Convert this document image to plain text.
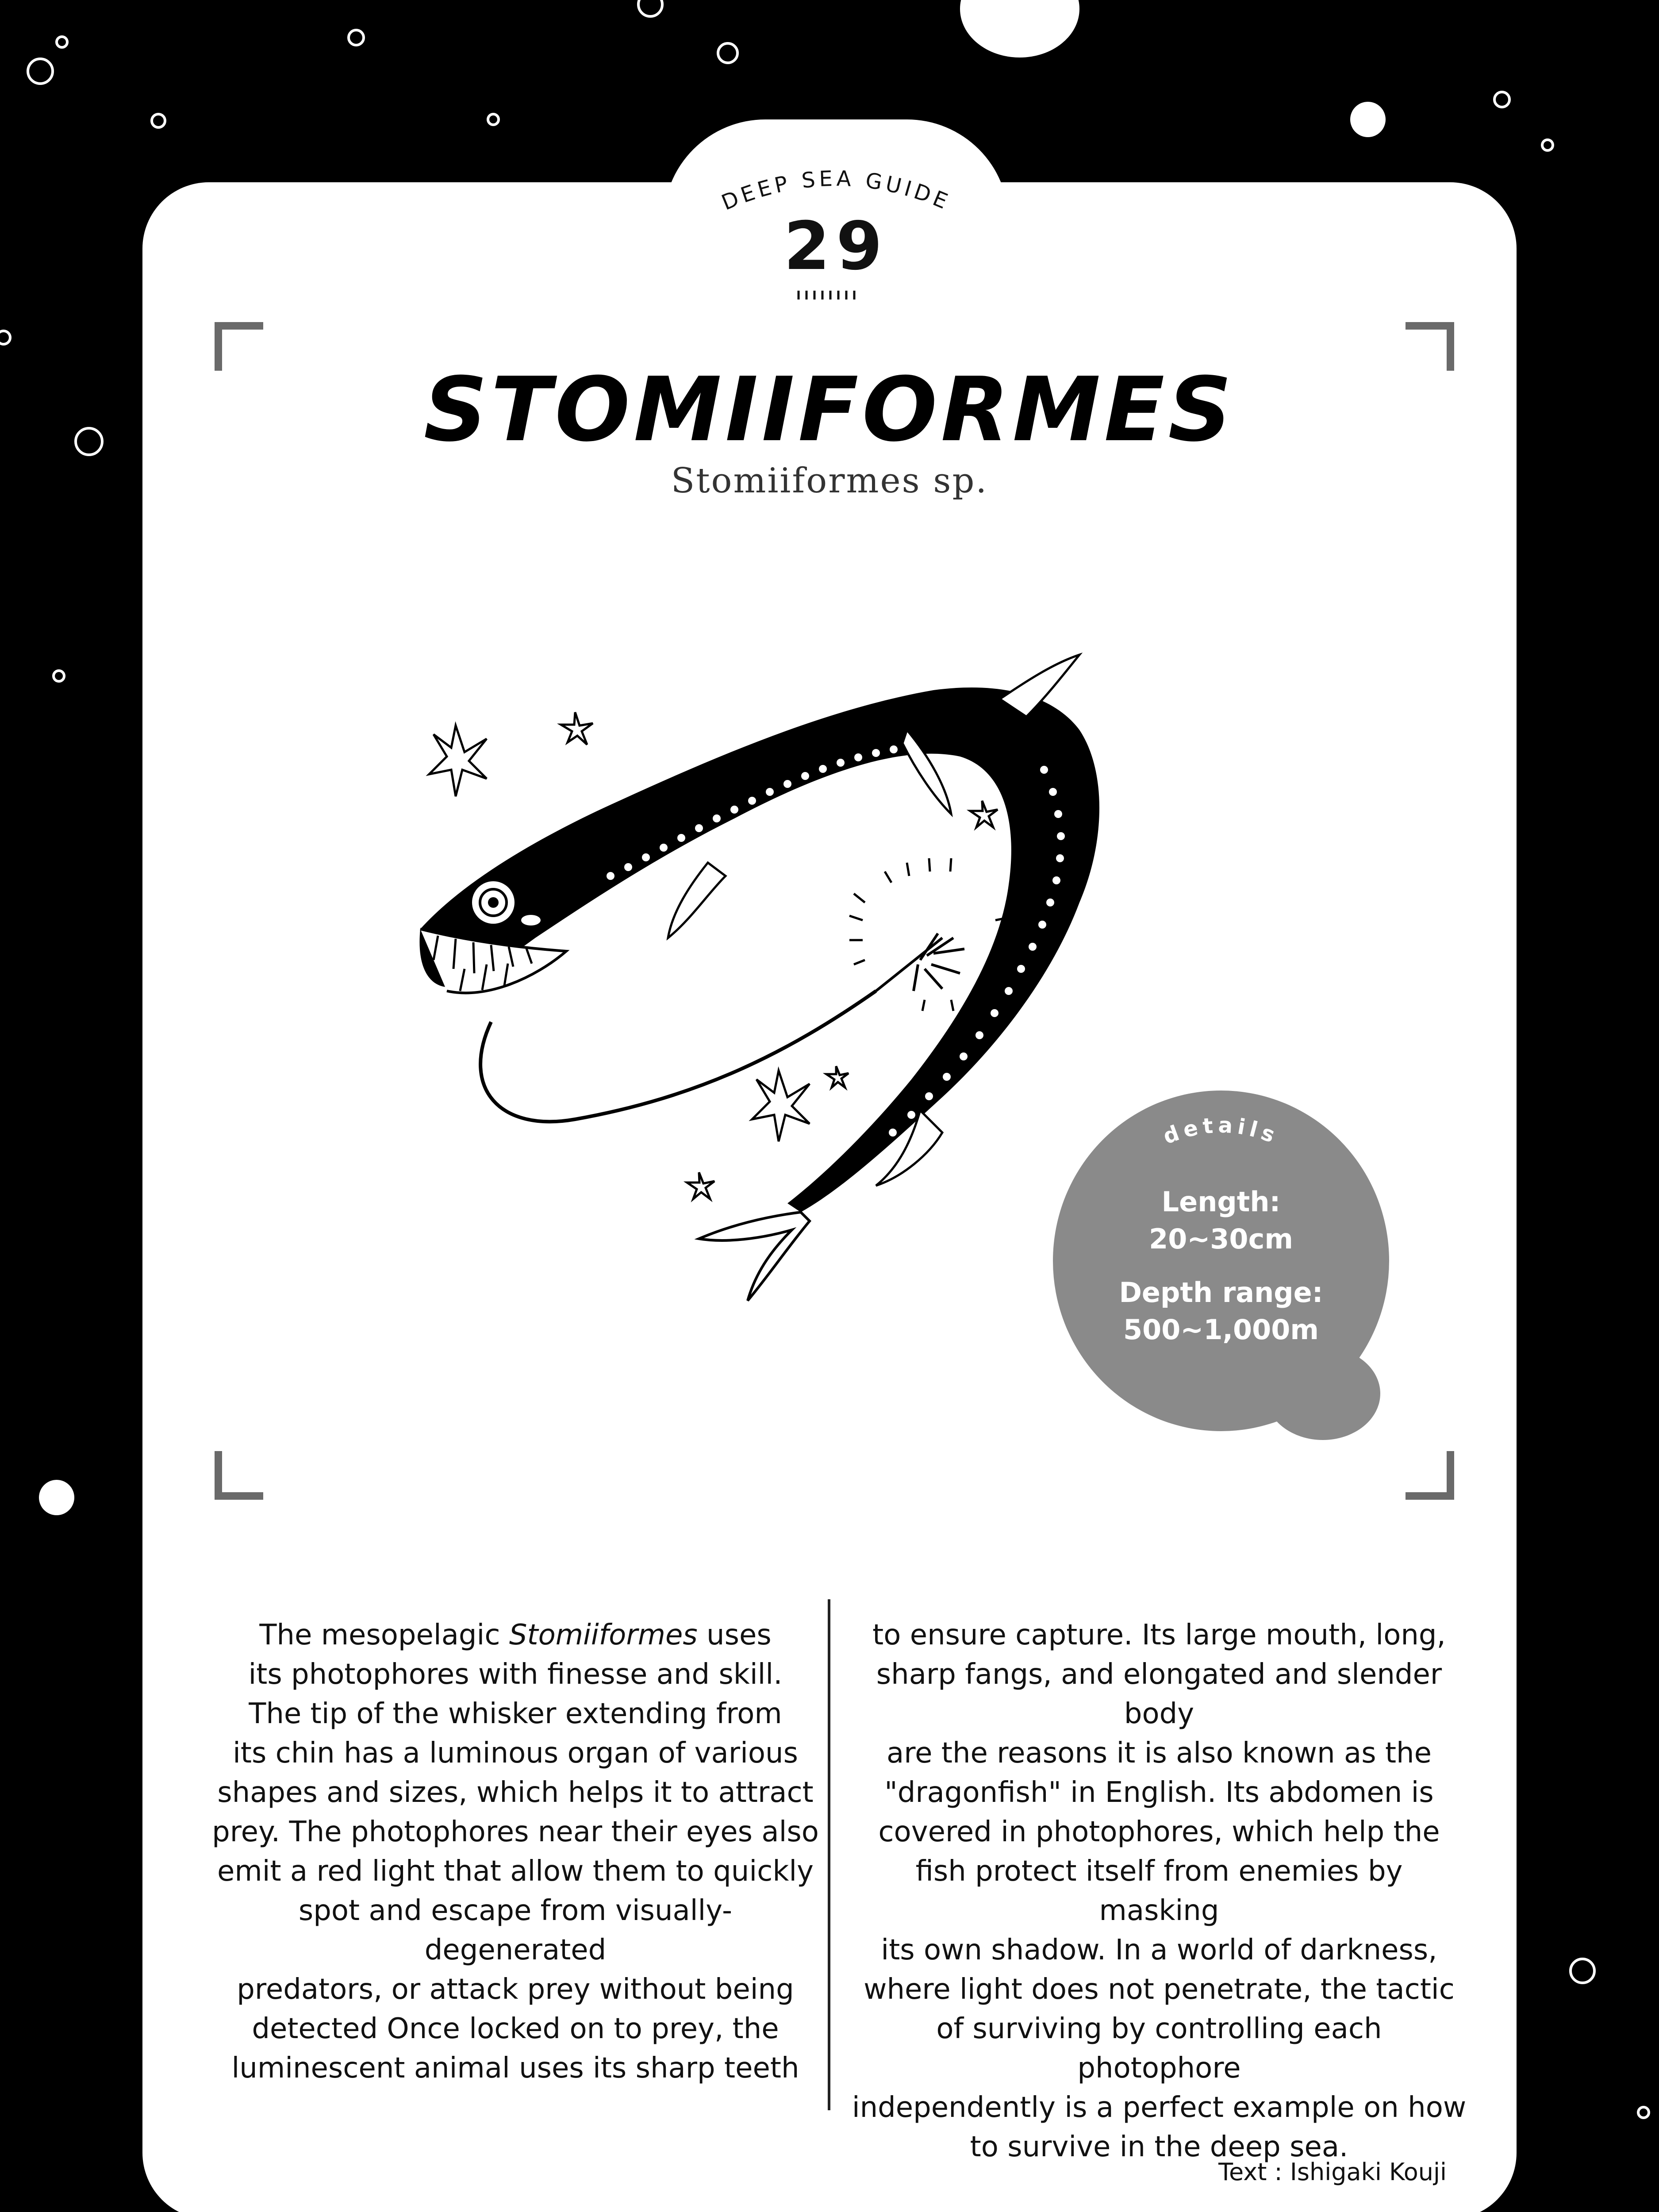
DEEP SEA GUIDE
29
STOMIIFORMES
Stomiiformes sp.
details
Length:
20~30cm
Depth range:
500~1,000m

The mesopelagic Stomiiformes uses

its photophores with finesse and skill.

The tip of the whisker extending from

its chin has a luminous organ of various

shapes and sizes, which helps it to attract

prey. The photophores near their eyes also

emit a red light that allow them to quickly

spot and escape from visually-degenerated

predators, or attack prey without being

detected Once locked on to prey, the

luminescent animal uses its sharp teeth

to ensure capture. Its large mouth, long,

sharp fangs, and elongated and slender body

are the reasons it is also known as the

"dragonfish" in English. Its abdomen is

covered in photophores, which help the

fish protect itself from enemies by masking

its own shadow. In a world of darkness,

where light does not penetrate, the tactic

of surviving by controlling each photophore

independently is a perfect example on how

to survive in the deep sea.

Text : Ishigaki Kouji
